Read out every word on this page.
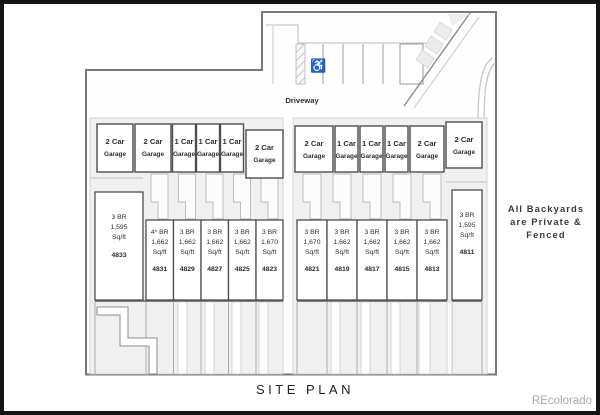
♿
Driveway
2 Car
Garage
2 Car
Garage
1 Car
Garage
1 Car
Garage
1 Car
Garage
2 Car
Garage
2 Car
Garage
1 Car
Garage
1 Car
Garage
1 Car
Garage
2 Car
Garage
2 Car
Garage
3 BR
1,595
Sq/ft
4833
4* BR
1,662
Sq/ft
4831
3 BR
1,662
Sq/ft
4829
3 BR
1,662
Sq/ft
4827
3 BR
1,662
Sq/ft
4825
3 BR
1,670
Sq/ft
4823
3 BR
1,670
Sq/ft
4821
3 BR
1,662
Sq/ft
4819
3 BR
1,662
Sq/ft
4817
3 BR
1,662
Sq/ft
4815
3 BR
1,662
Sq/ft
4813
3 BR
1,595
Sq/ft
4811
All Backyards
are Private &
Fenced
SITE PLAN
REcolorado
